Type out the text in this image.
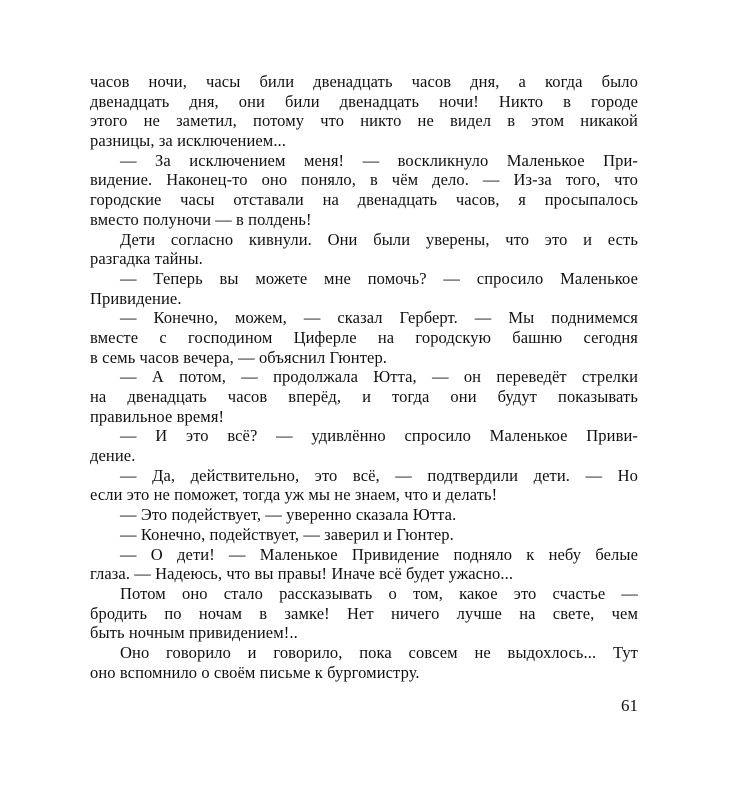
часов ночи, часы били двенадцать часов дня, а когда было
двенадцать дня, они били двенадцать ночи! Никто в городе
этого не заметил, потому что никто не видел в этом никакой
разницы, за исключением...
— За исключением меня! — воскликнуло Маленькое При-
видение. Наконец-то оно поняло, в чём дело. — Из-за того, что
городские часы отставали на двенадцать часов, я просыпалось
вместо полуночи — в полдень!
Дети согласно кивнули. Они были уверены, что это и есть
разгадка тайны.
— Теперь вы можете мне помочь? — спросило Маленькое
Привидение.
— Конечно, можем, — сказал Герберт. — Мы поднимемся
вместе с господином Циферле на городскую башню сегодня
в семь часов вечера, — объяснил Гюнтер.
— А потом, — продолжала Ютта, — он переведёт стрелки
на двенадцать часов вперёд, и тогда они будут показывать
правильное время!
— И это всё? — удивлённо спросило Маленькое Приви-
дение.
— Да, действительно, это всё, — подтвердили дети. — Но
если это не поможет, тогда уж мы не знаем, что и делать!
— Это подействует, — уверенно сказала Ютта.
— Конечно, подействует, — заверил и Гюнтер.
— О дети! — Маленькое Привидение подняло к небу белые
глаза. — Надеюсь, что вы правы! Иначе всё будет ужасно...
Потом оно стало рассказывать о том, какое это счастье —
бродить по ночам в замке! Нет ничего лучше на свете, чем
быть ночным привидением!..
Оно говорило и говорило, пока совсем не выдохлось... Тут
оно вспомнило о своём письме к бургомистру.
61
